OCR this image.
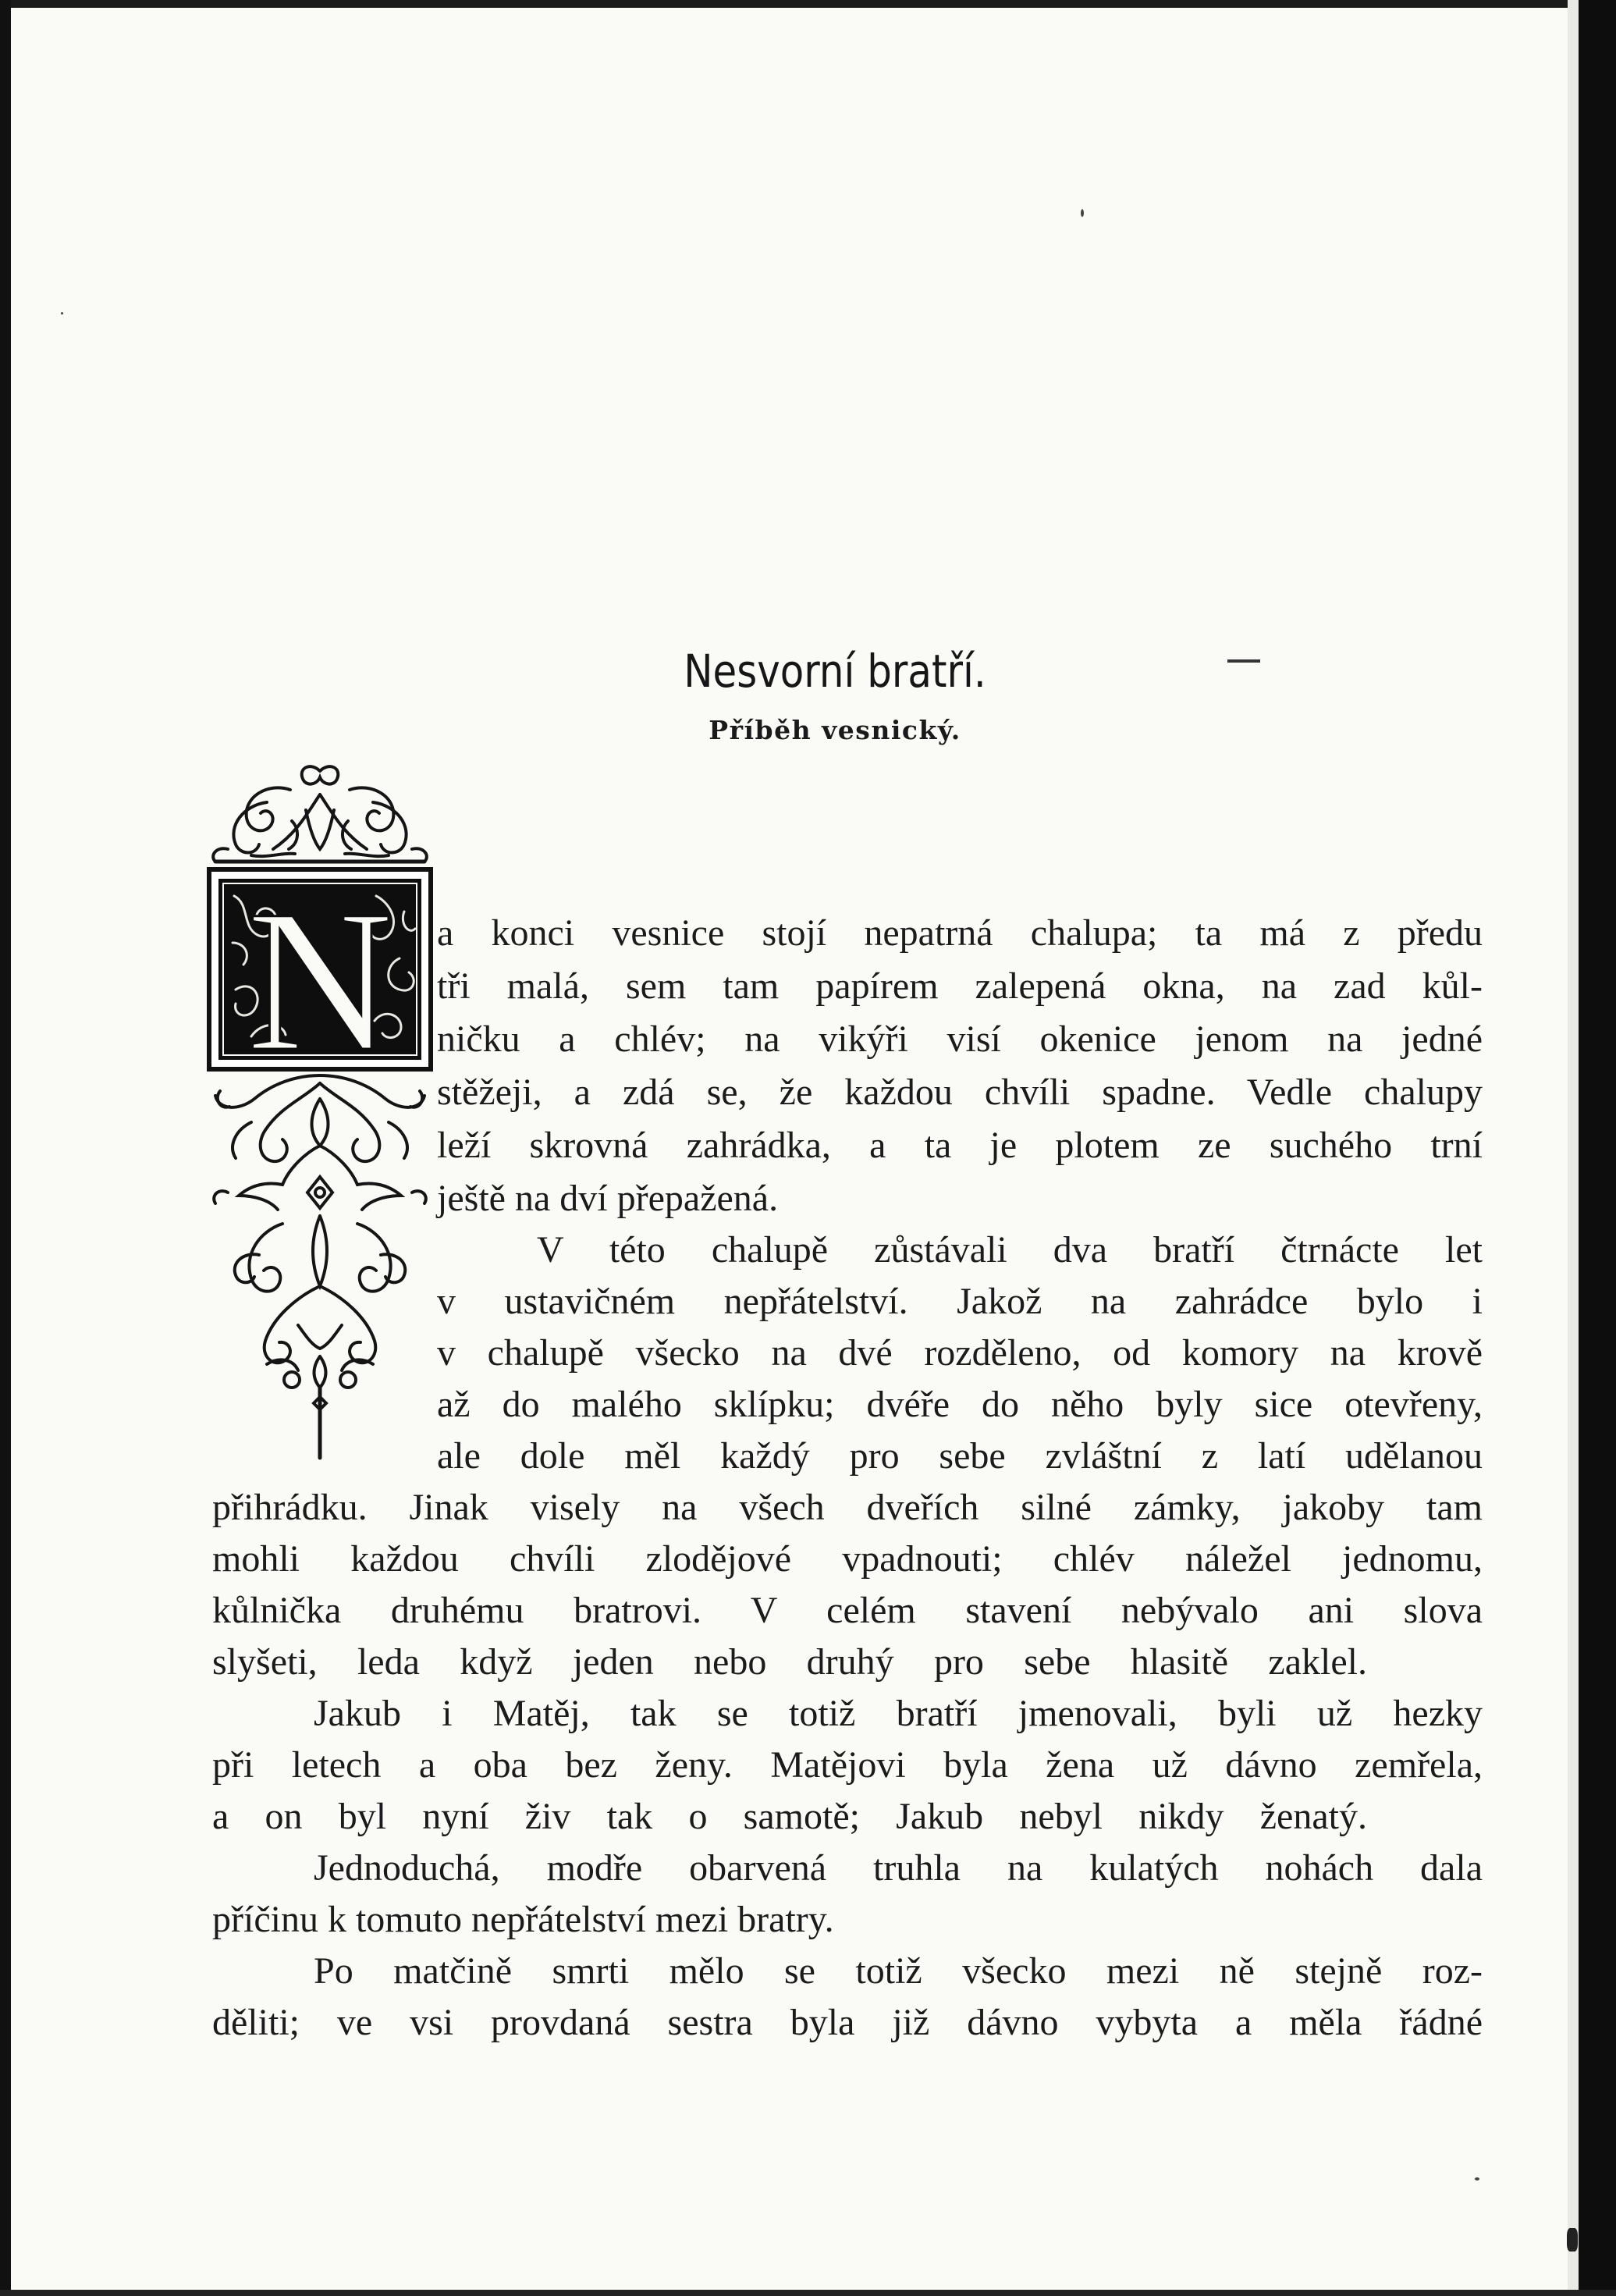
Nesvorní bratří.
Příběh vesnický.
N a konci vesnice stojí nepatrná chalupa; ta má z předu
tři malá, sem tam papírem zalepená okna, na zad kůl-
ničku a chlév; na vikýři visí okenice jenom na jedné
stěžeji, a zdá se, že každou chvíli spadne. Vedle chalupy
leží skrovná zahrádka, a ta je plotem ze suchého trní
ještě na dví přepažená.
V této chalupě zůstávali dva bratří čtrnácte let
v ustavičném nepřátelství. Jakož na zahrádce bylo i
v chalupě všecko na dvé rozděleno, od komory na krově
až do malého sklípku; dvéře do něho byly sice otevřeny,
ale dole měl každý pro sebe zvláštní z latí udělanou
přihrádku. Jinak visely na všech dveřích silné zámky, jakoby tam
mohli každou chvíli zlodějové vpadnouti; chlév náležel jednomu,
kůlnička druhému bratrovi. V celém stavení nebývalo ani slova
slyšeti, leda když jeden nebo druhý pro sebe hlasitě zaklel.
Jakub i Matěj, tak se totiž bratří jmenovali, byli už hezky
při letech a oba bez ženy. Matějovi byla žena už dávno zemřela,
a on byl nyní živ tak o samotě; Jakub nebyl nikdy ženatý.
Jednoduchá, modře obarvená truhla na kulatých nohách dala
příčinu k tomuto nepřátelství mezi bratry.
Po matčině smrti mělo se totiž všecko mezi ně stejně roz-
děliti; ve vsi provdaná sestra byla již dávno vybyta a měla řádné
